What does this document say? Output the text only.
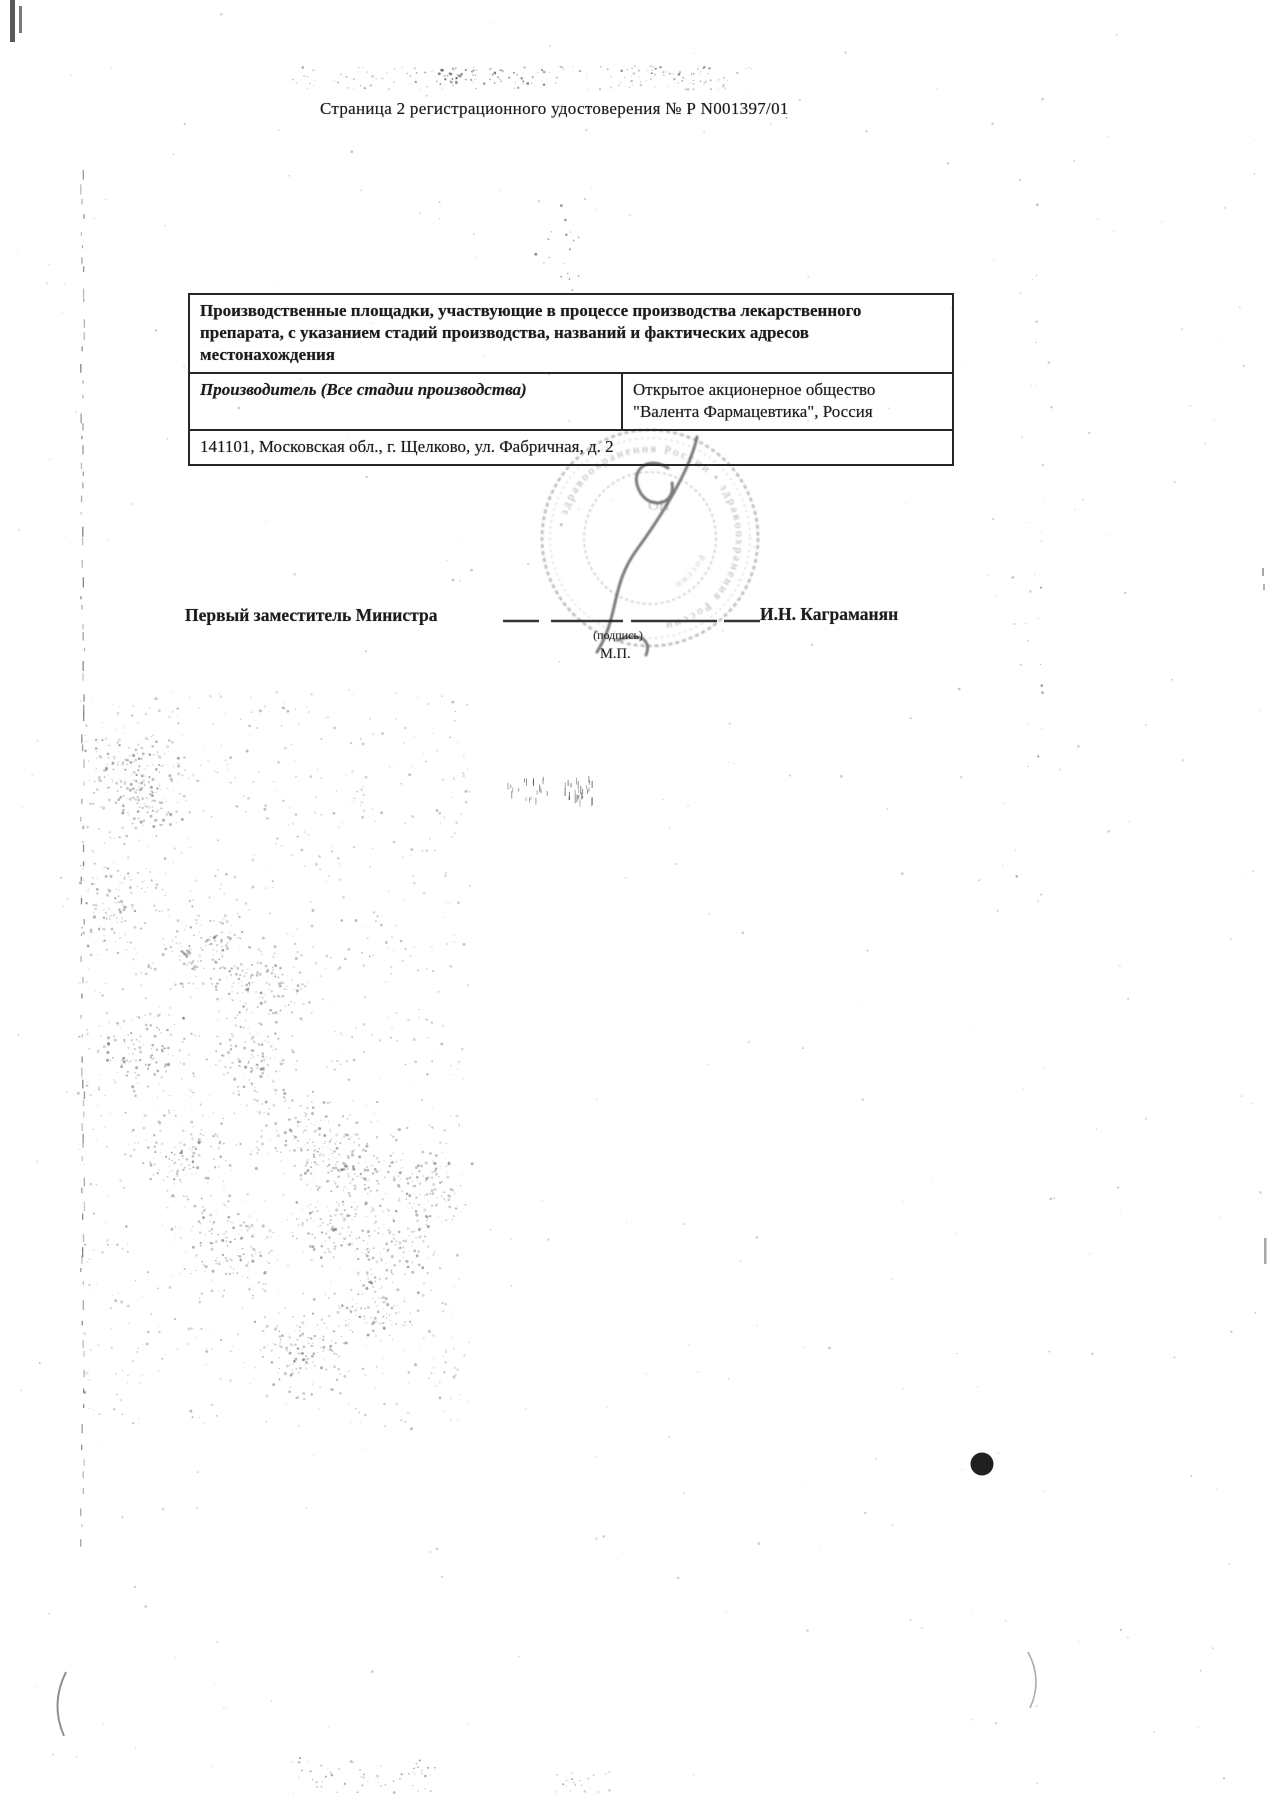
Страница 2 регистрационного удостоверения № Р N001397/01
Производственные площадки, участвующие в процессе производства лекарственного препарата, с указанием стадий производства, названий и фактических адресов местонахождения
Производитель (Все стадии производства)	Открытое акционерное общество "Валента Фармацевтика", Россия
141101, Московская обл., г. Щелково, ул. Фабричная, д. 2
Первый заместитель Министра	И.Н. Каграманян
(подпись)
М.П.
• здравоохранения России • здравоохранения России
России
ОН
